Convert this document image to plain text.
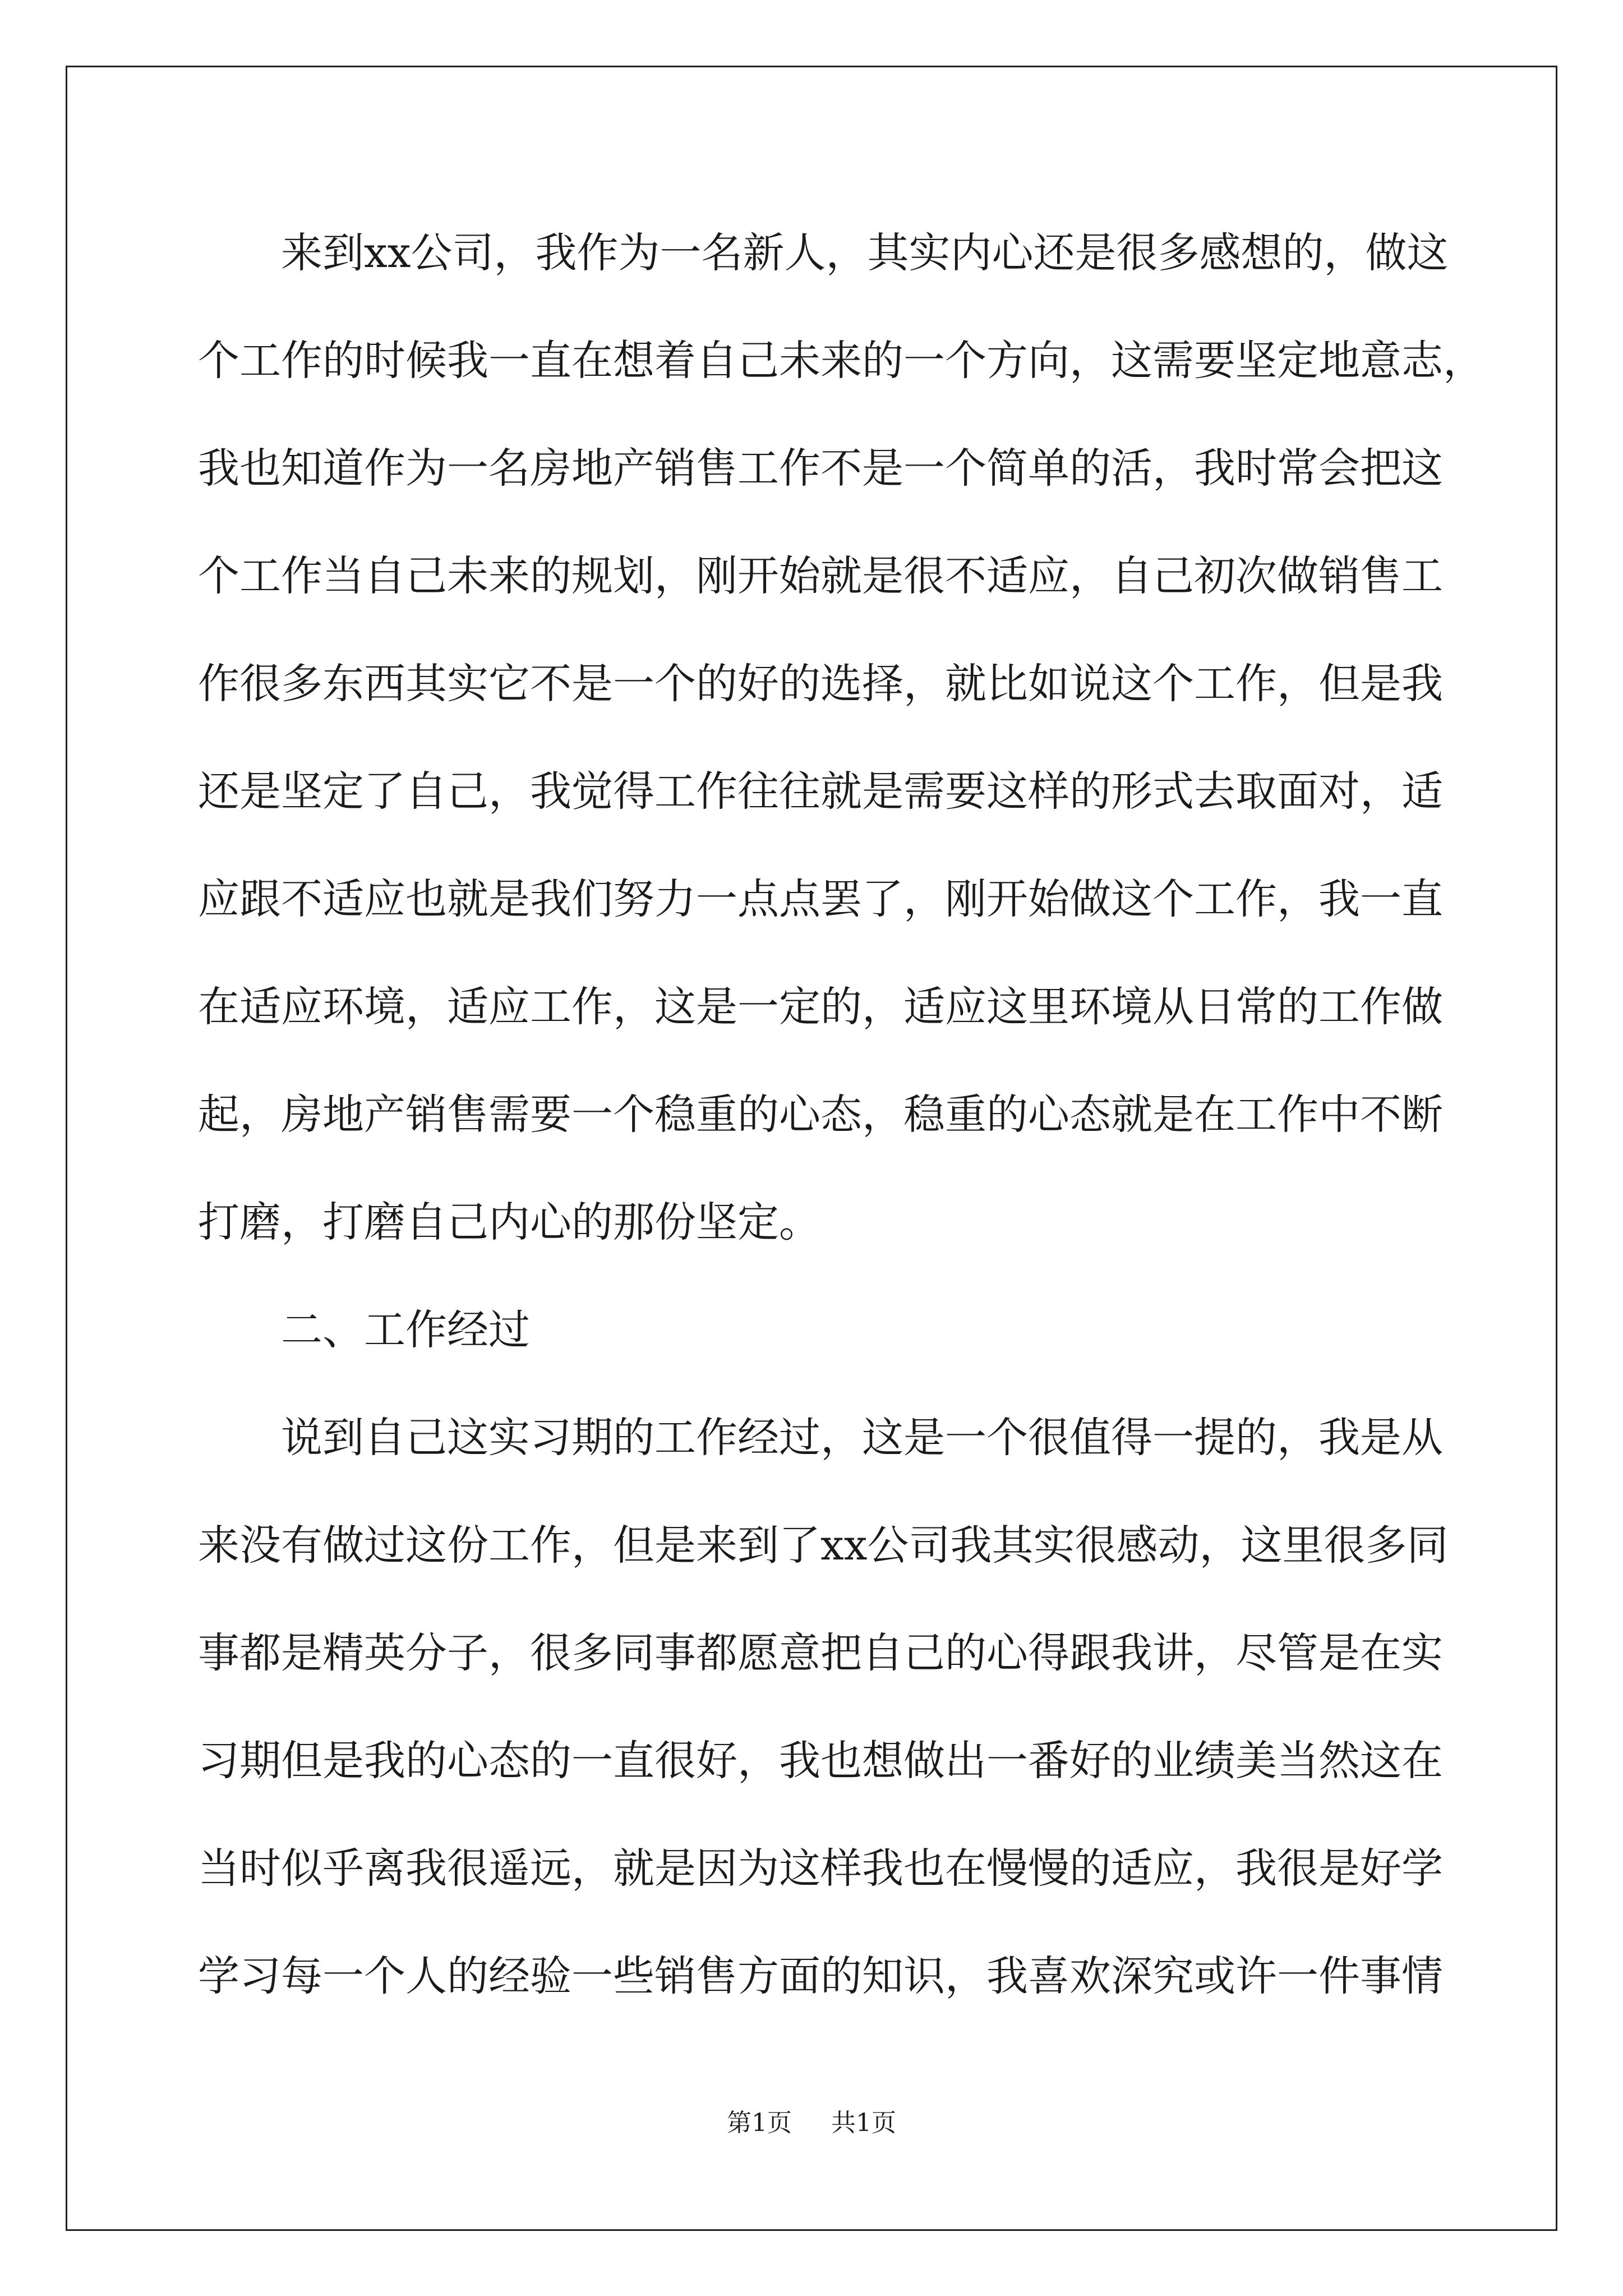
　　来到xx公司，我作为一名新人，其实内心还是很多感想的，做这
个工作的时候我一直在想着自己未来的一个方向，这需要坚定地意志，
我也知道作为一名房地产销售工作不是一个简单的活，我时常会把这
个工作当自己未来的规划，刚开始就是很不适应，自己初次做销售工
作很多东西其实它不是一个的好的选择，就比如说这个工作，但是我
还是坚定了自己，我觉得工作往往就是需要这样的形式去取面对，适
应跟不适应也就是我们努力一点点罢了，刚开始做这个工作，我一直
在适应环境，适应工作，这是一定的，适应这里环境从日常的工作做
起，房地产销售需要一个稳重的心态，稳重的心态就是在工作中不断
打磨，打磨自己内心的那份坚定。
　　二、工作经过
　　说到自己这实习期的工作经过，这是一个很值得一提的，我是从
来没有做过这份工作，但是来到了xx公司我其实很感动，这里很多同
事都是精英分子，很多同事都愿意把自己的心得跟我讲，尽管是在实
习期但是我的心态的一直很好，我也想做出一番好的业绩美当然这在
当时似乎离我很遥远，就是因为这样我也在慢慢的适应，我很是好学
学习每一个人的经验一些销售方面的知识，我喜欢深究或许一件事情
第1页 共1页
